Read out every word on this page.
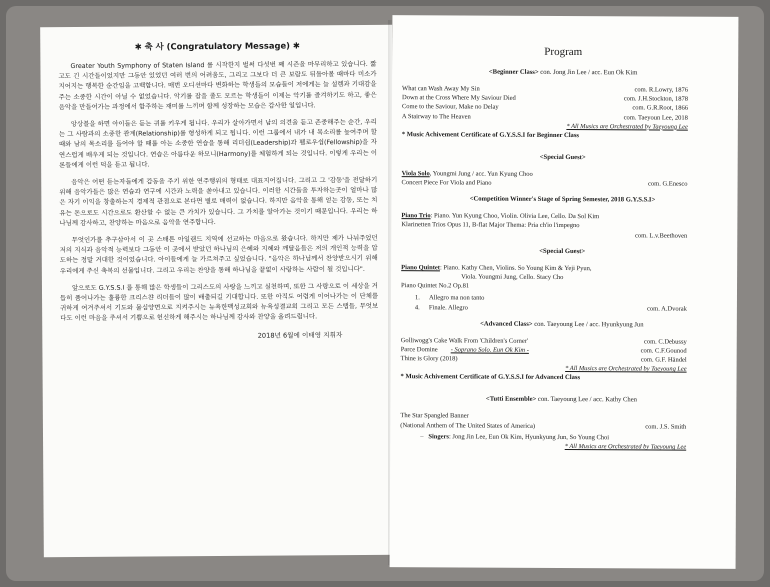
✱ 축 사 (Congratulatory Message) ✱

Greater Youth Symphony of Staten Island 를 시작한지 벌써 다섯번 째 시즌을 마무리하고 있습니다. 짧고도 긴 시간들이었지만 그동안 있었던 여러 번의 어려움도, 그리고 그보다 더 큰 보람도 뒤돌아볼 때마다 미소가 지어지는 행복한 순간임을 고백합니다. 매번 오디션마다 변화하는 학생들의 모습들이 저에게는 늘 설렘과 기대감을 주는 소중한 시간이 아닐 수 없었습니다. 악기를 잡을 줄도 모르는 학생들이 이제는 악기를 즐겨하기도 하고, 좋은 음악을 만들어가는 과정에서 합주하는 재미를 느끼며 함께 성장하는 모습은 감사한 일입니다.

앙상블을 하면 아이들은 듣는 귀를 키우게 됩니다. 우리가 살아가면서 남의 의견을 듣고 존중해주는 순간, 우리는 그 사람과의 소중한 관계(Relationship)를 형성하게 되고 됩니다. 이런 그룹에서 내가 내 목소리를 높여주며 할 때와 남의 목소리를 들어야 할 때를 아는 소중한 연습을 통해 리더쉽(Leadership)과 펠로우쉽(Fellowship)을 자연스럽게 배우게 되는 것입니다. 연습은 아름다운 하모니(Harmony)를 체험하게 되는 것입니다. 이렇게 우리는 이론들에게 이런 덕을 듣고 됩니다.

음악은 어떤 듣는자들에게 감동을 주기 위한 연주행위의 형태로 대표지어집니다. 그리고 그 '감동'을 전달하기 위해 음악가들은 많은 연습과 연구에 시간과 노력을 쏟아내고 있습니다. 이러한 시간들을 투자하는곳이 얼마나 많은 자기 이익을 창출하는지 경제적 관점으로 본다면 별로 매력이 없습니다. 하지만 음악을 통해 얻는 감동, 또는 치유는 돈으로도 시간으로도 환산할 수 없는 큰 가치가 있습니다. 그 가치를 알아가는 것이기 때문입니다. 우리는 하나님께 감사하고, 찬양하는 마음으로 음악을 연주합니다.

무엇인가를 추구삼아서 이 곳 스태튼 아일랜드 지역에 선교하는 마음으로 왔습니다. 하지만 제가 나눠주었던 저의 지식과 음악적 능력보다 그동안 이 곳에서 받았던 하나님의 은혜와 지혜와 깨달음들은 저의 개인적 능력을 압도하는 정말 거대한 것이었습니다. 아이들에게 늘 가르쳐주고 싶었습니다. "음악은 하나님께서 찬양받으시기 위해 우리에게 주신 축복의 선물입니다. 그리고 우리는 찬양을 통해 하나님을 끝없이 사랑하는 사람이 될 것입니다".

앞으로도 G.Y.S.S.I 를 통해 많은 학생들이 그리스도의 사랑을 느끼고 실천하며, 또한 그 사랑으로 이 세상을 거듭히 품어나가는 훌륭한 크리스챤 리더들이 많이 배출되길 기대합니다. 또한 아직도 어렵게 이어나가는 이 단체를 귀하게 여겨주셔서 기도와 물심양면으로 지켜주시는 뉴욕한맥성교회와 뉴욕성결교회 그리고 모든 스탭들, 무엇보다도 이런 마음을 주셔서 기쁨으로 헌신하게 해주시는 하나님께 감사와 찬양을 올려드립니다.

2018년 6월에 이태영 지휘자
Program
<Beginner Class> con. Jong Jin Lee / acc. Eun Ok Kim
What can Wash Away My Sin	com. R.Lowry, 1876
Down at the Cross Where My Saviour Died	com. J.H.Stockton, 1878
Come to the Saviour, Make no Delay	com. G.R.Root, 1866
A Stairway to The Heaven	com. Taeyoun Lee, 2018
* All Musics are Orchestrated by Taeyoung Lee
* Music Achivement Certificate of G.Y.S.S.I for Beginner Class
<Special Guest>
Viola Solo, Youngmi Jung / acc. Yun Kyung Choo
Concert Piece For Viola and Piano	com. G.Enesco
<Competition Winner's Stage of Spring Semester, 2018 G.Y.S.S.I>
Piano Trio: Piano. Yun Kyung Choo, Violin. Olivia Lee, Cello. Da Sol Kim
Klarinetten Trios Opus 11, B-flat Major Thema: Pria ch'io l'impegno
com. L.v.Beethoven
<Special Guest>
Piano Quintet: Piano. Kathy Chen, Violins. So Young Kim & Yeji Pyun,
Viola. Youngmi Jung, Cello. Stacy Cho
Piano Quintet No.2 Op.81
1.	Allegro ma non tanto
4.	Finale. Allegro	com. A.Dvorak
<Advanced Class> con. Taeyoung Lee / acc. Hyunkyung Jun
Golliwogg's Cake Walk From 'Children's Corner'	com. C.Debussy
Parce Domine - Soprano Solo. Eun Ok Kim -	com. C.F.Gounod
Thine is Glory (2018)	com. G.F. Händel
* All Musics are Orchestrated by Taeyoung Lee
* Music Achivement Certificate of G.Y.S.S.I for Advanced Class
<Tutti Ensemble> con. Taeyoung Lee / acc. Kathy Chen
The Star Spangled Banner
(National Anthem of The United States of America)	com. J.S. Smith
–   Singers: Jong Jin Lee, Eun Ok Kim, Hyunkyung Jun, So Young Choi
* All Musics are Orchestrated by Taeyoung Lee
